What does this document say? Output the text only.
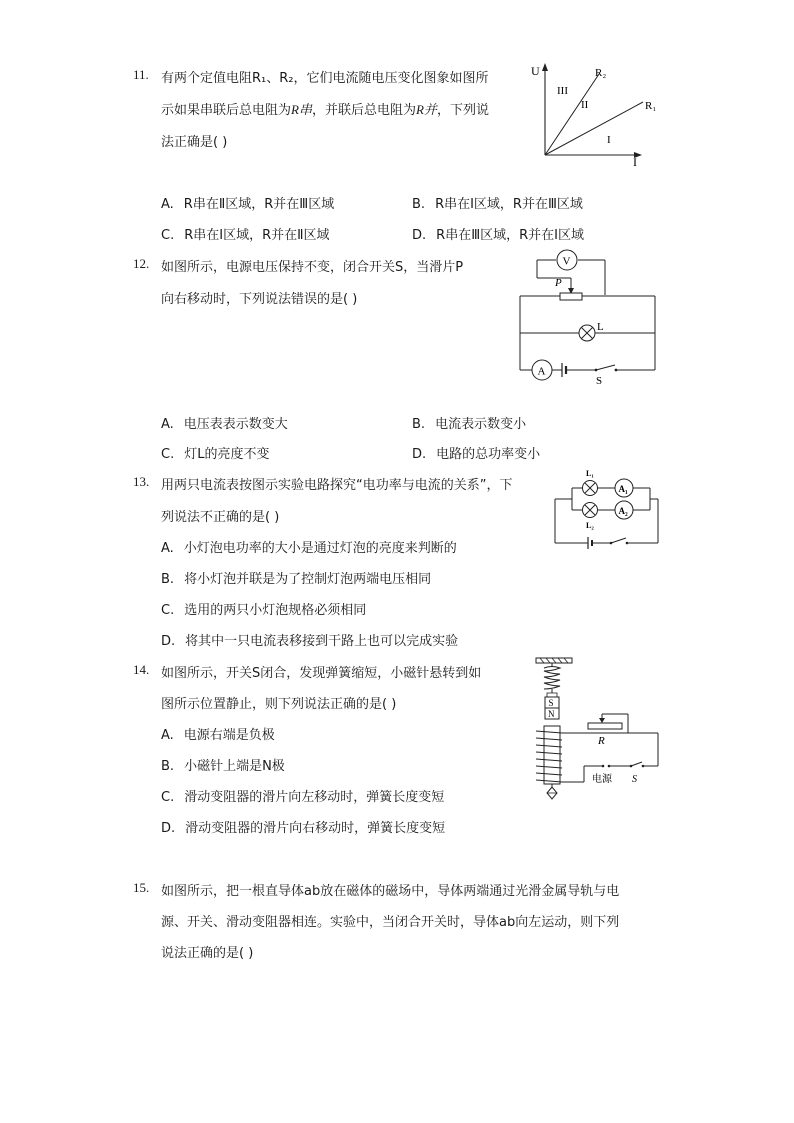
11. 有两个定值电阻R₁、R₂，它们电流随电压变化图象如图所
示如果串联后总电阻为R串，并联后总电阻为R并，下列说
法正确是( )
U
I
III
II
I
R₂
R₁
A. R串在Ⅱ区域，R并在Ⅲ区域	B. R串在Ⅰ区域，R并在Ⅲ区域
C. R串在Ⅰ区域，R并在Ⅱ区域	D. R串在Ⅲ区域，R并在Ⅰ区域
12. 如图所示，电源电压保持不变，闭合开关S，当滑片P
向右移动时，下列说法错误的是( )
V
P
L
A
S
A. 电压表表示数变大	B. 电流表示数变小
C. 灯L的亮度不变	D. 电路的总功率变小
13. 用两只电流表按图示实验电路探究“电功率与电流的关系”，下
列说法不正确的是( )
A₁
L₁
A₂
L₂
A. 小灯泡电功率的大小是通过灯泡的亮度来判断的
B. 将小灯泡并联是为了控制灯泡两端电压相同
C. 选用的两只小灯泡规格必须相同
D. 将其中一只电流表移接到干路上也可以完成实验
14. 如图所示，开关S闭合，发现弹簧缩短，小磁针悬转到如
图所示位置静止，则下列说法正确的是( )	S
N
R
电源 S
A. 电源右端是负极
B. 小磁针上端是N极
C. 滑动变阻器的滑片向左移动时，弹簧长度变短
D. 滑动变阻器的滑片向右移动时，弹簧长度变短
15. 如图所示，把一根直导体ab放在磁体的磁场中，导体两端通过光滑金属导轨与电
源、开关、滑动变阻器相连。实验中，当闭合开关时，导体ab向左运动，则下列
说法正确的是( )
